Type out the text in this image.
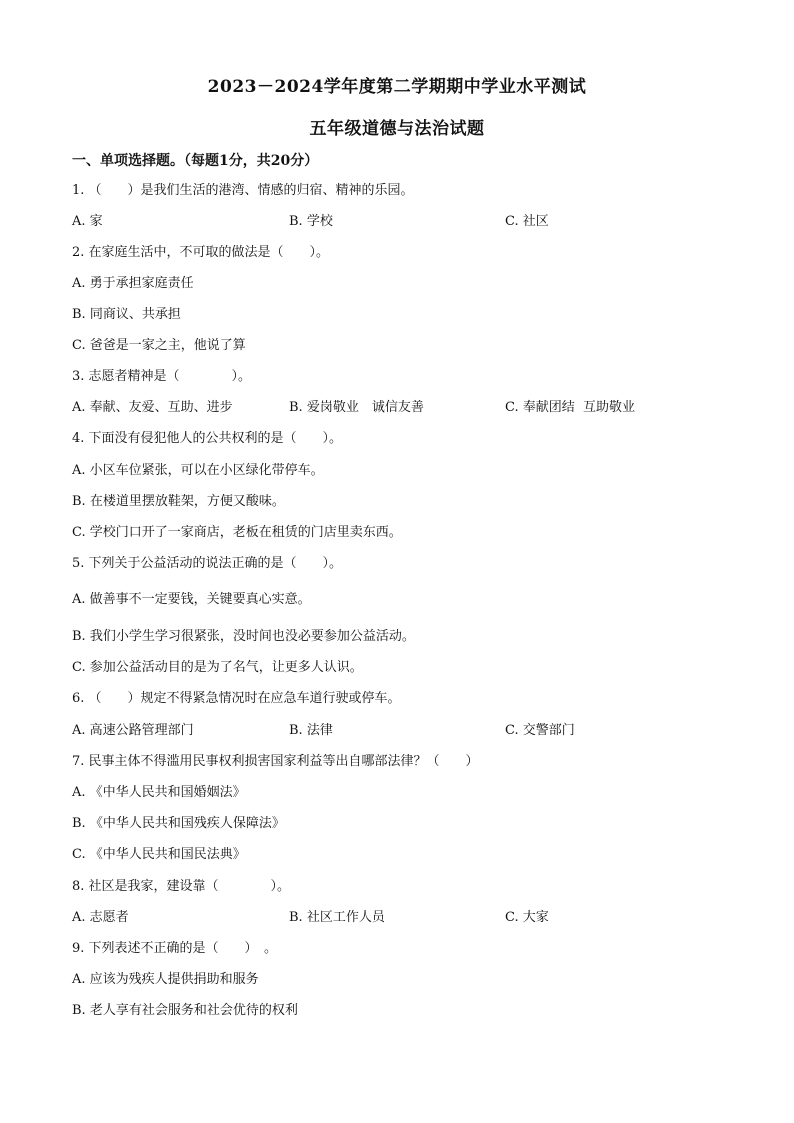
2023－2024学年度第二学期期中学业水平测试
五年级道德与法治试题
一、单项选择题。（每题1分，共20分）
1. （　　）是我们生活的港湾、情感的归宿、精神的乐园。
A. 家	B. 学校	C. 社区
2. 在家庭生活中，不可取的做法是（　　）。
A. 勇于承担家庭责任
B. 同商议、共承担
C. 爸爸是一家之主，他说了算
3. 志愿者精神是（　　　　）。
A. 奉献、友爱、互助、进步	B. 爱岗敬业　诚信友善	C. 奉献团结  互助敬业
4. 下面没有侵犯他人的公共权利的是（　　）。
A. 小区车位紧张，可以在小区绿化带停车。
B. 在楼道里摆放鞋架，方便又酸味。
C. 学校门口开了一家商店，老板在租赁的门店里卖东西。
5. 下列关于公益活动的说法正确的是（　　）。
A. 做善事不一定要钱，关键要真心实意。
B. 我们小学生学习很紧张，没时间也没必要参加公益活动。
C. 参加公益活动目的是为了名气，让更多人认识。
6. （　　）规定不得紧急情况时在应急车道行驶或停车。
A. 高速公路管理部门	B. 法律	C. 交警部门
7. 民事主体不得滥用民事权利损害国家利益等出自哪部法律？（　　）
A. 《中华人民共和国婚姻法》
B. 《中华人民共和国残疾人保障法》
C. 《中华人民共和国民法典》
8. 社区是我家，建设靠（　　　　）。
A. 志愿者	B. 社区工作人员	C. 大家
9. 下列表述不正确的是（　　）　。
A. 应该为残疾人提供捐助和服务
B. 老人享有社会服务和社会优待的权利
